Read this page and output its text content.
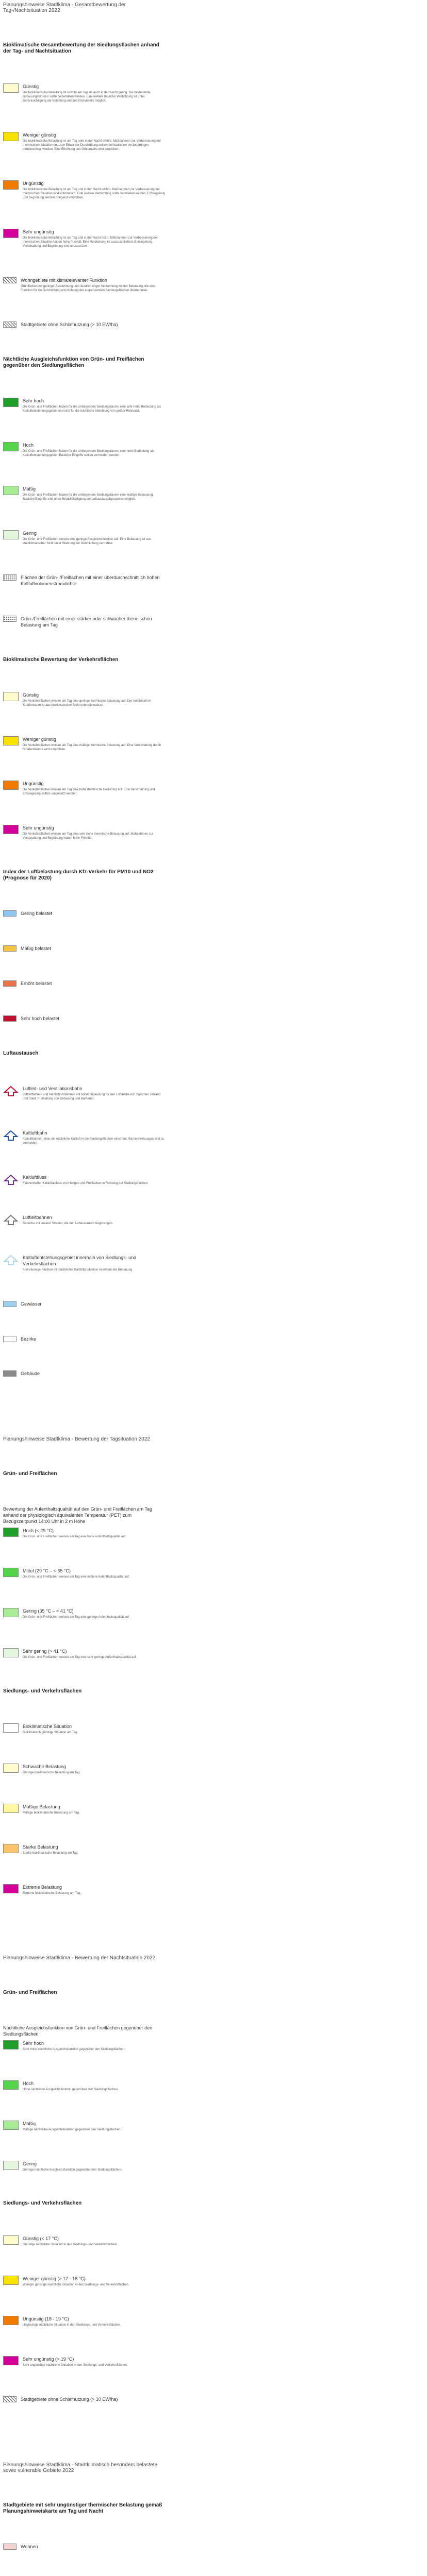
Planungshinweise Stadtklima - Gesamtbewertung der Tag-/Nachtsituation 2022
Bioklimatische Gesamtbewertung der Siedlungsflächen anhand der Tag- und Nachtsituation
Günstig
Die bioklimatische Belastung ist sowohl am Tag als auch in der Nacht gering. Die bestehende Bebauungsstruktur sollte beibehalten werden. Eine weitere bauliche Verdichtung ist unter Berücksichtigung der Belüftung und des Grünanteils möglich.
Weniger günstig
Die bioklimatische Belastung ist am Tag oder in der Nacht erhöht. Maßnahmen zur Verbesserung der thermischen Situation und zum Erhalt der Durchlüftung sollten bei baulichen Veränderungen berücksichtigt werden. Eine Erhöhung des Grünanteils wird empfohlen.
Ungünstig
Die bioklimatische Belastung ist am Tag und in der Nacht erhöht. Maßnahmen zur Verbesserung der thermischen Situation sind erforderlich. Eine weitere Verdichtung sollte vermieden werden, Entsiegelung und Begrünung werden dringend empfohlen.
Sehr ungünstig
Die bioklimatische Belastung ist am Tag und in der Nacht hoch. Maßnahmen zur Verbesserung der thermischen Situation haben hohe Priorität. Eine Verdichtung ist auszuschließen, Entsiegelung, Verschattung und Begrünung sind umzusetzen.
Wohngebiete mit klimarelevanter Funktion
Grünflächen mit geringer Ausdehnung und räumlich enger Verzahnung mit der Bebauung, die eine Funktion für die Durchlüftung und Kühlung der angrenzenden Siedlungsflächen übernehmen.
Stadtgebiete ohne Schlafnutzung (> 10 EW/ha)
Nächtliche Ausgleichsfunktion von Grün- und Freiflächen gegenüber den Siedlungsflächen
Sehr hoch
Die Grün- und Freiflächen haben für die umliegenden Siedlungsräume eine sehr hohe Bedeutung als Kaltluftentstehungsgebiet und sind für die nächtliche Abkühlung von großer Relevanz.
Hoch
Die Grün- und Freiflächen haben für die umliegenden Siedlungsräume eine hohe Bedeutung als Kaltluftentstehungsgebiet. Bauliche Eingriffe sollten vermieden werden.
Mäßig
Die Grün- und Freiflächen haben für die umliegenden Siedlungsräume eine mäßige Bedeutung. Bauliche Eingriffe sind unter Berücksichtigung der Luftaustauschprozesse möglich.
Gering
Die Grün- und Freiflächen weisen eine geringe Ausgleichsfunktion auf. Eine Bebauung ist aus stadtklimatischer Sicht unter Wahrung der Durchlüftung vertretbar.
Flächen der Grün- /Freiflächen mit einer überdurchschnittlich hohen Kaltluftvolumenstromdichte
Grün-/Freiflächen mit einer stärker oder schwacher thermischen Belastung am Tag
Bioklimatische Bewertung der Verkehrsflächen
Günstig
Die Verkehrsflächen weisen am Tag eine geringe thermische Belastung auf. Der Aufenthalt im Straßenraum ist aus bioklimatischer Sicht unproblematisch.
Weniger günstig
Die Verkehrsflächen weisen am Tag eine mäßige thermische Belastung auf. Eine Verschattung durch Straßenbäume wird empfohlen.
Ungünstig
Die Verkehrsflächen weisen am Tag eine hohe thermische Belastung auf. Eine Verschattung und Entsiegelung sollten umgesetzt werden.
Sehr ungünstig
Die Verkehrsflächen weisen am Tag eine sehr hohe thermische Belastung auf. Maßnahmen zur Verschattung und Begrünung haben hohe Priorität.
Index der Luftbelastung durch Kfz-Verkehr für PM10 und NO2 (Prognose für 2020)
Gering belastet
Mäßig belastet
Erhöht belastet
Sehr hoch belastet
Luftaustausch
Luftleit- und Ventilationsbahn
Luftleitbahnen und Ventilationsbahnen mit hoher Bedeutung für den Luftaustausch zwischen Umland und Stadt. Freihaltung von Bebauung und Barrieren.
Kaltluftbahn
Kaltluftbahnen, über die nächtliche Kaltluft in die Siedlungsflächen einströmt. Barrierewirkungen sind zu vermeiden.
Kaltluftfluss
Flächenhafter Kaltluftabfluss von Hängen und Freiflächen in Richtung der Siedlungsflächen.
Luftleitbahnen
Bereiche mit linearer Struktur, die den Luftaustausch begünstigen.
Kaltluftentstehungsgebiet innerhalb von Siedlungs- und Verkehrsflächen
Kleinräumige Flächen mit nächtlicher Kaltluftproduktion innerhalb der Bebauung.
Gewässer
Bezirke
Gebäude
Planungshinweise Stadtklima - Bewertung der Tagsituation 2022
Grün- und Freiflächen
Bewertung der Aufenthaltsqualität auf den Grün- und Freiflächen am Tag anhand der physiologisch äquivalenten Temperatur (PET) zum Bezugszeitpunkt 14:00 Uhr in 2 m Höhe
Hoch (< 29 °C)
Die Grün- und Freiflächen weisen am Tag eine hohe Aufenthaltsqualität auf.
Mittel (29 °C – < 35 °C)
Die Grün- und Freiflächen weisen am Tag eine mittlere Aufenthaltsqualität auf.
Gering (35 °C – < 41 °C)
Die Grün- und Freiflächen weisen am Tag eine geringe Aufenthaltsqualität auf.
Sehr gering (> 41 °C)
Die Grün- und Freiflächen weisen am Tag eine sehr geringe Aufenthaltsqualität auf.
Siedlungs- und Verkehrsflächen
Bioklimatische Situation
Bioklimatisch günstige Situation am Tag.
Schwache Belastung
Geringe bioklimatische Belastung am Tag.
Mäßige Belastung
Mäßige bioklimatische Belastung am Tag.
Starke Belastung
Starke bioklimatische Belastung am Tag.
Extreme Belastung
Extreme bioklimatische Belastung am Tag.
Planungshinweise Stadtklima - Bewertung der Nachtsituation 2022
Grün- und Freiflächen
Nächtliche Ausgleichsfunktion von Grün- und Freiflächen gegenüber den Siedlungsflächen
Sehr hoch
Sehr hohe nächtliche Ausgleichsfunktion gegenüber den Siedlungsflächen.
Hoch
Hohe nächtliche Ausgleichsfunktion gegenüber den Siedlungsflächen.
Mäßig
Mäßige nächtliche Ausgleichsfunktion gegenüber den Siedlungsflächen.
Gering
Geringe nächtliche Ausgleichsfunktion gegenüber den Siedlungsflächen.
Siedlungs- und Verkehrsflächen
Günstig (< 17 °C)
Günstige nächtliche Situation in den Siedlungs- und Verkehrsflächen.
Weniger günstig (> 17 - 18 °C)
Weniger günstige nächtliche Situation in den Siedlungs- und Verkehrsflächen.
Ungünstig (18 - 19 °C)
Ungünstige nächtliche Situation in den Siedlungs- und Verkehrsflächen.
Sehr ungünstig (> 19 °C)
Sehr ungünstige nächtliche Situation in den Siedlungs- und Verkehrsflächen.
Stadtgebiete ohne Schlafnutzung (> 10 EW/ha)
Planungshinweise Stadtklima - Stadtklimatisch besonders belastete sowie vulnerable Gebiete 2022
Stadtgebiete mit sehr ungünstiger thermischer Belastung gemäß Planungshinweiskarte am Tag und Nacht
Wohnen
